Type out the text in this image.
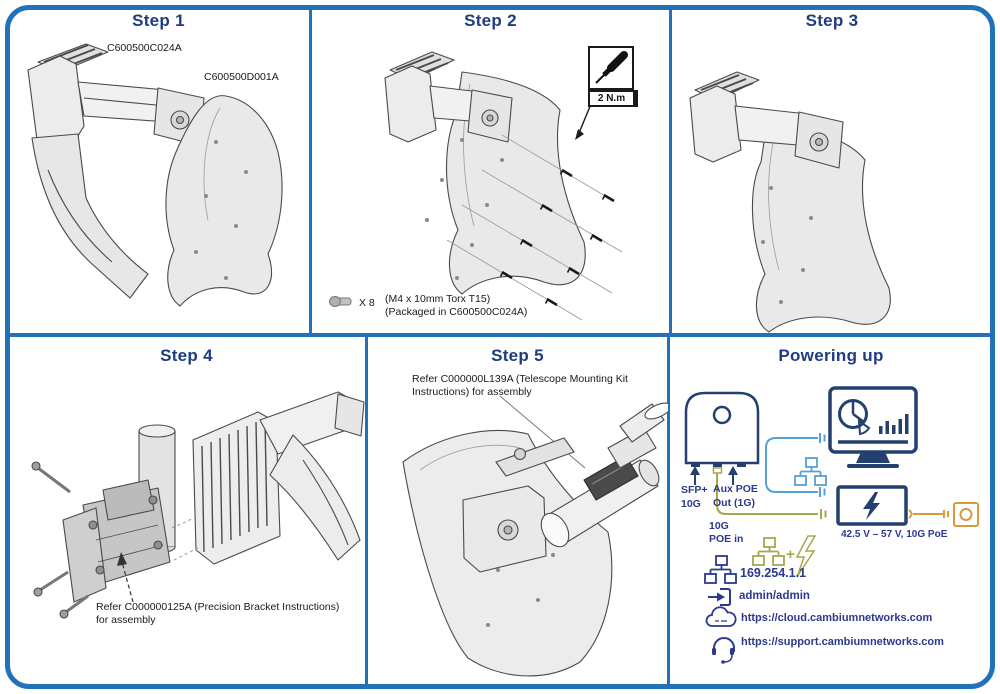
Step 1	Step 2	Step 3
Step 4	Step 5	Powering up
C600500C024A
C600500D001A
2 N.m
X 8 (M4 x 10mm Torx T15)
(Packaged in C600500C024A)
Refer C000000125A (Precision Bracket Instructions)
for assembly
Refer C000000L139A (Telescope Mounting Kit
Instructions) for assembly
SFP+
10G
Aux POE
Out (1G)
10G
POE in
+
42.5 V – 57 V, 10G PoE
169.254.1.1
admin/admin
https://cloud.cambiumnetworks.com
https://support.cambiumnetworks.com
